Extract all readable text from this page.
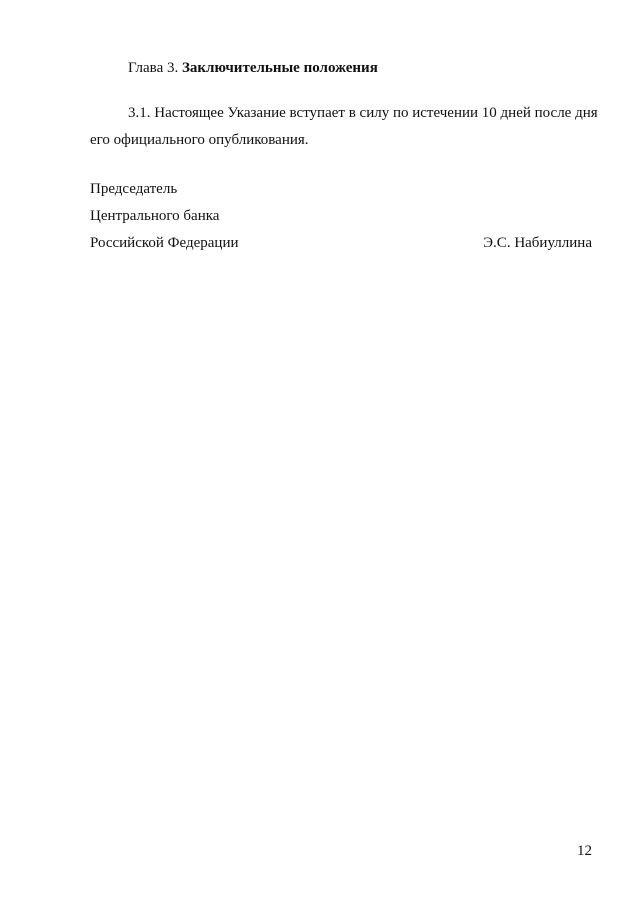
Глава 3. Заключительные положения
3.1. Настоящее Указание вступает в силу по истечении 10 дней после дня
его официального опубликования.
Председатель
Центрального банка
Российской Федерации	Э.С. Набиуллина
12
